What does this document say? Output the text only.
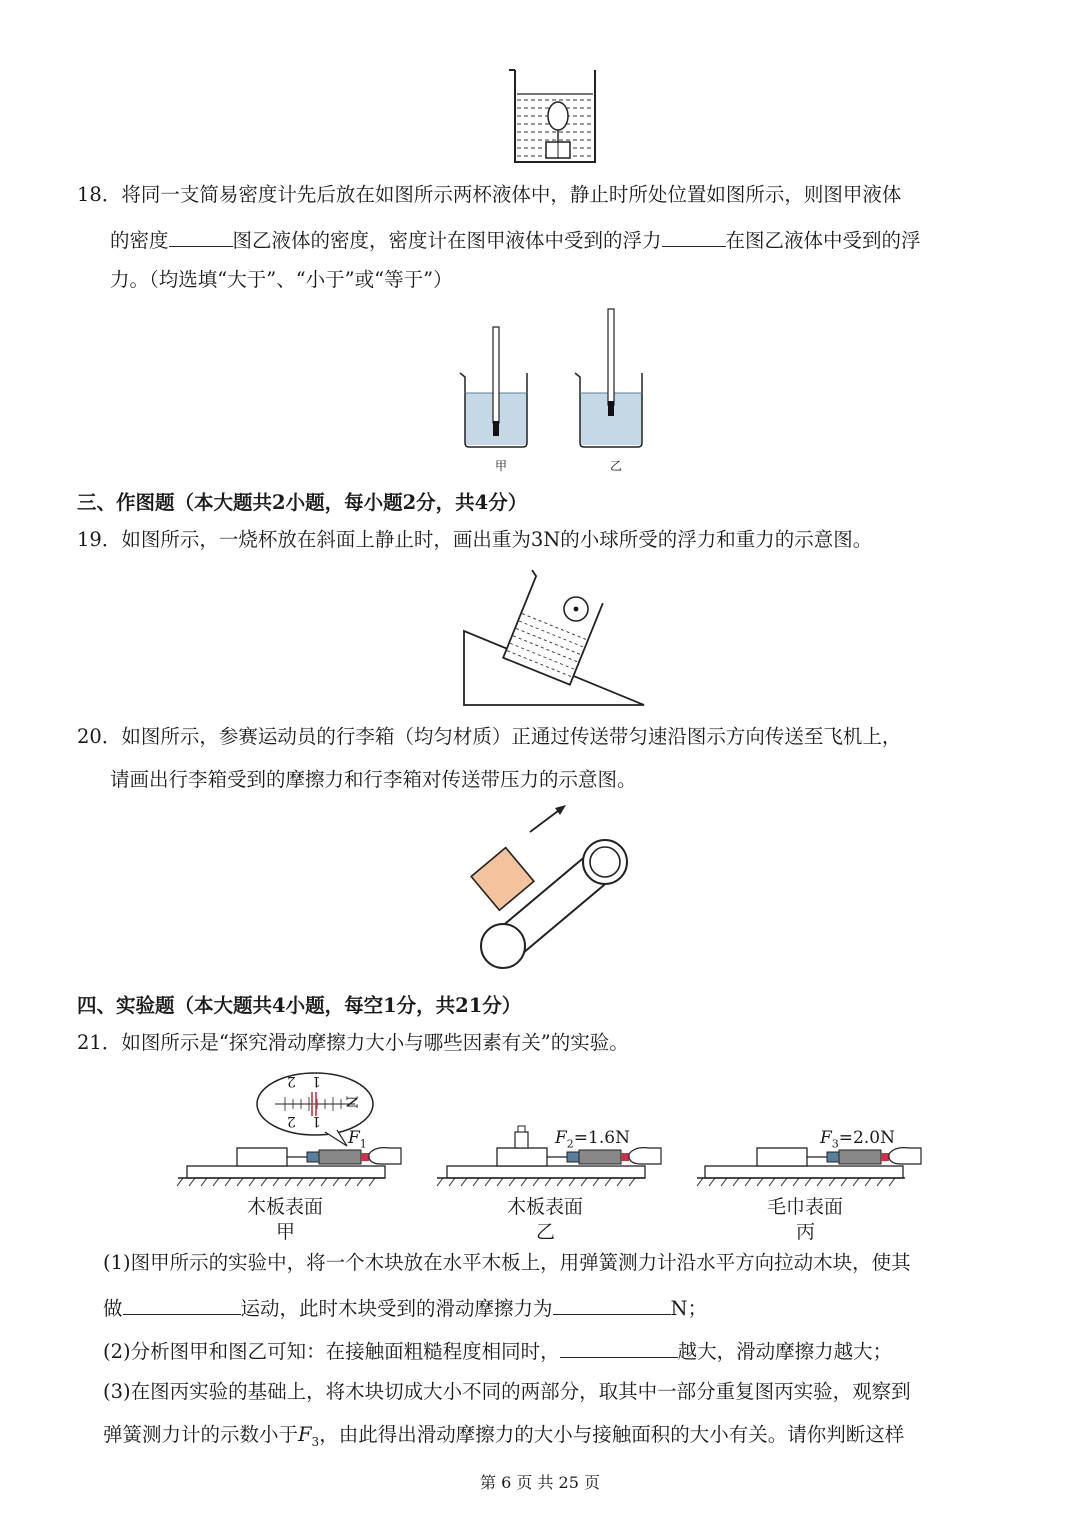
18．将同一支简易密度计先后放在如图所示两杯液体中，静止时所处位置如图所示，则图甲液体
的密度	图乙液体的密度，密度计在图甲液体中受到的浮力	在图乙液体中受到的浮
力。（均选填“大于”、“小于”或“等于”）
甲	乙
三、作图题（本大题共2小题，每小题2分，共4分）
19．如图所示，一烧杯放在斜面上静止时，画出重为3N的小球所受的浮力和重力的示意图。
20．如图所示，参赛运动员的行李箱（均匀材质）正通过传送带匀速沿图示方向传送至飞机上，
请画出行李箱受到的摩擦力和行李箱对传送带压力的示意图。
四、实验题（本大题共4小题，每空1分，共21分）
21．如图所示是“探究滑动摩擦力大小与哪些因素有关”的实验。
2 1
2 1
N
$F_1$	$F_2=1.6N$	$F_3=2.0N$
木板表面
甲
木板表面
乙
毛巾表面
丙
(1)图甲所示的实验中，将一个木块放在水平木板上，用弹簧测力计沿水平方向拉动木块，使其
做	运动，此时木块受到的滑动摩擦力为	N；
(2)分析图甲和图乙可知：在接触面粗糙程度相同时，	越大，滑动摩擦力越大；
(3)在图丙实验的基础上，将木块切成大小不同的两部分，取其中一部分重复图丙实验，观察到
弹簧测力计的示数小于$F_3$，由此得出滑动摩擦力的大小与接触面积的大小有关。请你判断这样
第 6 页 共 25 页
